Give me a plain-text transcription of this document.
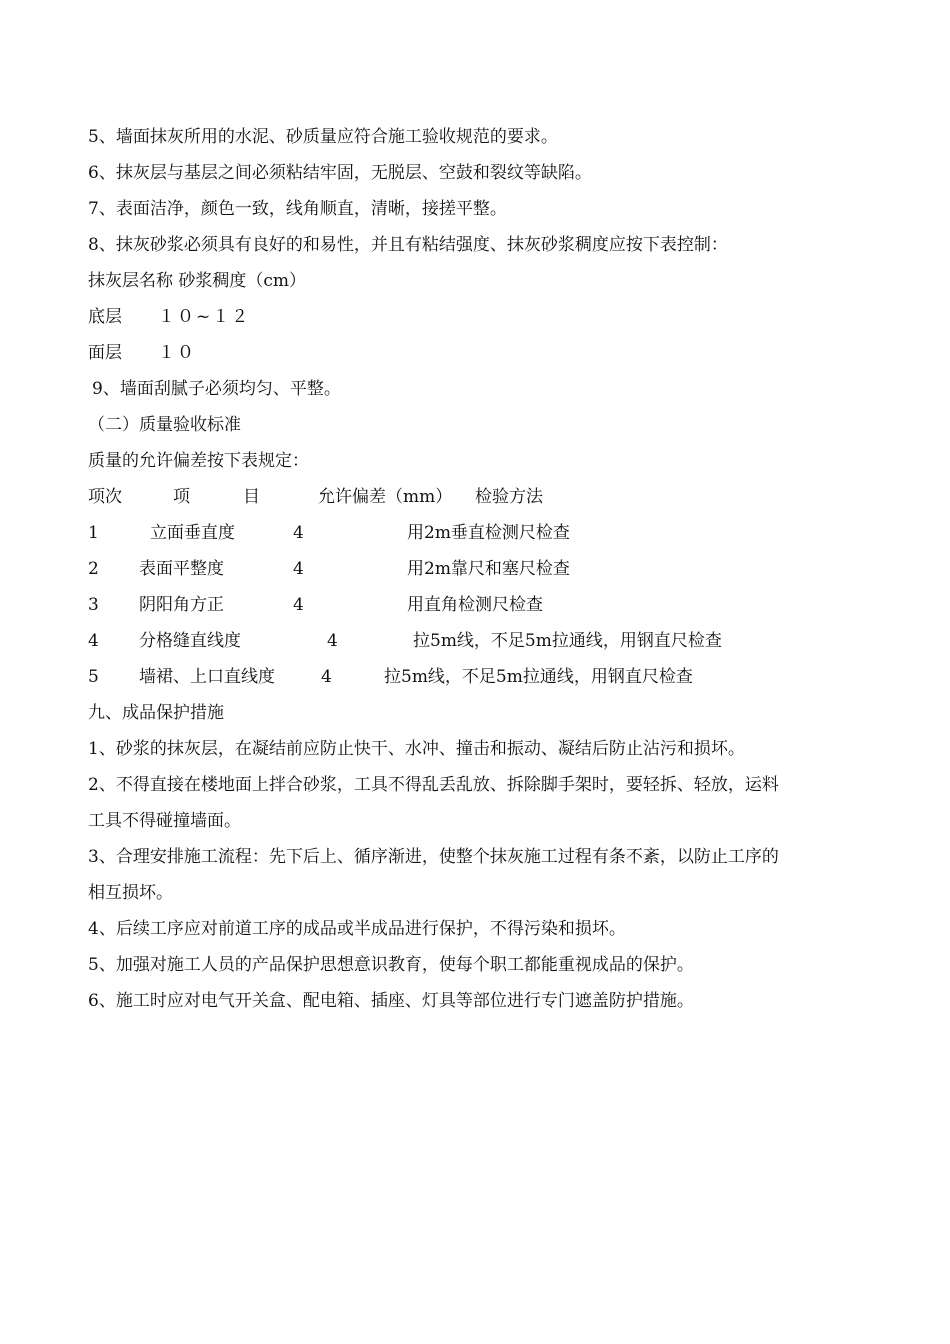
5、墙面抹灰所用的水泥、砂质量应符合施工验收规范的要求。
6、抹灰层与基层之间必须粘结牢固，无脱层、空鼓和裂纹等缺陷。
7、表面洁净，颜色一致，线角顺直，清晰，接搓平整。
8、抹灰砂浆必须具有良好的和易性，并且有粘结强度、抹灰砂浆稠度应按下表控制：
抹灰层名称 砂浆稠度（cm）
底层 １０~１２
面层 １０
9、墙面刮腻子必须均匀、平整。
（二）质量验收标准
质量的允许偏差按下表规定：
项次	项	目	允许偏差（mm） 检验方法
1	立面垂直度	4	用2m垂直检测尺检查
2 表面平整度	4	用2m靠尺和塞尺检查
3 阴阳角方正	4	用直角检测尺检查
4 分格缝直线度	4	拉5m线，不足5m拉通线，用钢直尺检查
5 墙裙、上口直线度	4	拉5m线，不足5m拉通线，用钢直尺检查
九、成品保护措施
1、砂浆的抹灰层，在凝结前应防止快干、水冲、撞击和振动、凝结后防止沾污和损坏。
2、不得直接在楼地面上拌合砂浆，工具不得乱丢乱放、拆除脚手架时，要轻拆、轻放，运料
工具不得碰撞墙面。
3、合理安排施工流程：先下后上、循序渐进，使整个抹灰施工过程有条不紊，以防止工序的
相互损坏。
4、后续工序应对前道工序的成品或半成品进行保护，不得污染和损坏。
5、加强对施工人员的产品保护思想意识教育，使每个职工都能重视成品的保护。
6、施工时应对电气开关盒、配电箱、插座、灯具等部位进行专门遮盖防护措施。
